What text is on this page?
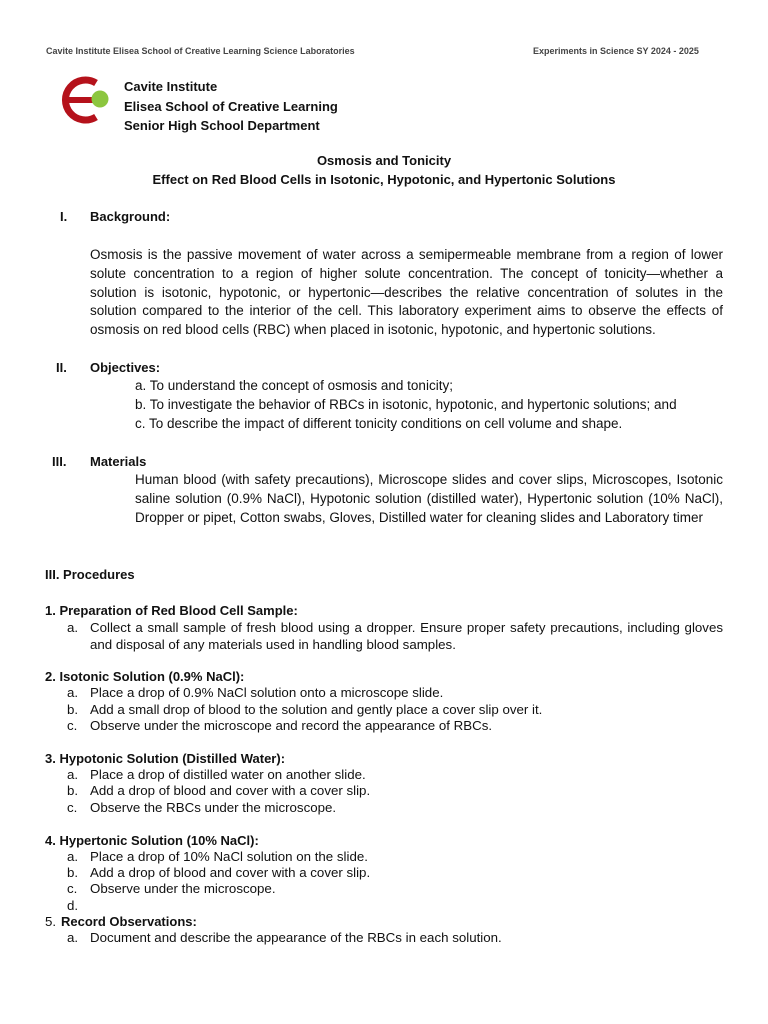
Cavite Institute Elisea School of Creative Learning Science Laboratories	Experiments in Science SY 2024 - 2025
Cavite Institute
Elisea School of Creative Learning
Senior High School Department
Osmosis and Tonicity
Effect on Red Blood Cells in Isotonic, Hypotonic, and Hypertonic Solutions
I. Background:
Osmosis is the passive movement of water across a semipermeable membrane from a region of lower solute concentration to a region of higher solute concentration. The concept of tonicity—whether a solution is isotonic, hypotonic, or hypertonic—describes the relative concentration of solutes in the solution compared to the interior of the cell. This laboratory experiment aims to observe the effects of osmosis on red blood cells (RBC) when placed in isotonic, hypotonic, and hypertonic solutions.
II. Objectives:
a. To understand the concept of osmosis and tonicity;
b. To investigate the behavior of RBCs in isotonic, hypotonic, and hypertonic solutions; and
c. To describe the impact of different tonicity conditions on cell volume and shape.
III. Materials
Human blood (with safety precautions), Microscope slides and cover slips, Microscopes, Isotonic saline solution (0.9% NaCl), Hypotonic solution (distilled water), Hypertonic solution (10% NaCl), Dropper or pipet, Cotton swabs, Gloves, Distilled water for cleaning slides and Laboratory timer
III. Procedures
1. Preparation of Red Blood Cell Sample:
a. Collect a small sample of fresh blood using a dropper. Ensure proper safety precautions, including gloves and disposal of any materials used in handling blood samples.
2. Isotonic Solution (0.9% NaCl):
a. Place a drop of 0.9% NaCl solution onto a microscope slide.
b. Add a small drop of blood to the solution and gently place a cover slip over it.
c. Observe under the microscope and record the appearance of RBCs.
3. Hypotonic Solution (Distilled Water):
a. Place a drop of distilled water on another slide.
b. Add a drop of blood and cover with a cover slip.
c. Observe the RBCs under the microscope.
4. Hypertonic Solution (10% NaCl):
a. Place a drop of 10% NaCl solution on the slide.
b. Add a drop of blood and cover with a cover slip.
c. Observe under the microscope.
d.
5. Record Observations:
a. Document and describe the appearance of the RBCs in each solution.
